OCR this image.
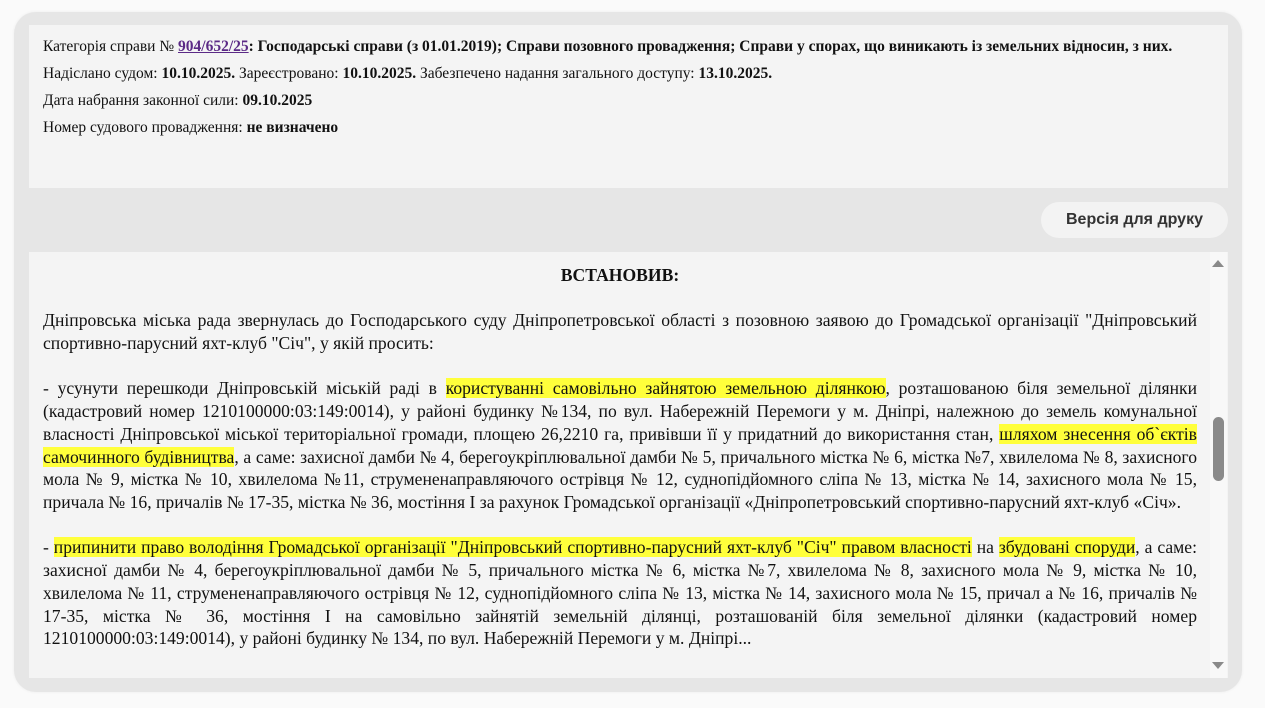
Категорія справи № 904/652/25: Господарські справи (з 01.01.2019); Справи позовного провадження; Справи у спорах, що виникають із земельних відносин, з них.

Надіслано судом: 10.10.2025. Зареєстровано: 10.10.2025. Забезпечено надання загального доступу: 13.10.2025.

Дата набрання законної сили: 09.10.2025

Номер судового провадження: не визначено

Версія для друку

ВСТАНОВИВ:

Дніпровська міська рада звернулась до Господарського суду Дніпропетровської області з позовною заявою до Громадської організації "Дніпровський спортивно-парусний яхт-клуб "Січ", у якій просить:

- усунути перешкоди Дніпровській міській раді в користуванні самовільно зайнятою земельною ділянкою, розташованою біля земельної ділянки (кадастровий номер 1210100000:03:149:0014), у районі будинку №134, по вул. Набережній Перемоги у м. Дніпрі, належною до земель комунальної власності Дніпровської міської територіальної громади, площею 26,2210 га, привівши її у придатний до використання стан, шляхом знесення об`єктів самочинного будівництва, а саме: захисної дамби № 4, берегоукріплювальної дамби № 5, причального містка № 6, містка №7, хвилелома № 8, захисного мола № 9, містка № 10, хвилелома №11, струмененаправляючого острівця № 12, суднопідйомного сліпа № 13, містка № 14, захисного мола № 15, причала № 16, причалів № 17-35, містка № 36, мостіння І за рахунок Громадської організації «Дніпропетровський спортивно-парусний яхт-клуб «Січ».

- припинити право володіння Громадської організації "Дніпровський спортивно-парусний яхт-клуб "Січ" правом власності на збудовані споруди, а саме: захисної дамби № 4, берегоукріплювальної дамби № 5, причального містка № 6, містка №7, хвилелома № 8, захисного мола № 9, містка № 10, хвилелома № 11, струмененаправляючого острівця № 12, суднопідйомного сліпа № 13, містка № 14, захисного мола № 15, причал а № 16, причалів № 17-35, містка № 36, мостіння І на самовільно зайнятій земельній ділянці, розташованій біля земельної ділянки (кадастровий номер 1210100000:03:149:0014), у районі будинку № 134, по вул. Набережній Перемоги у м. Дніпрі...
